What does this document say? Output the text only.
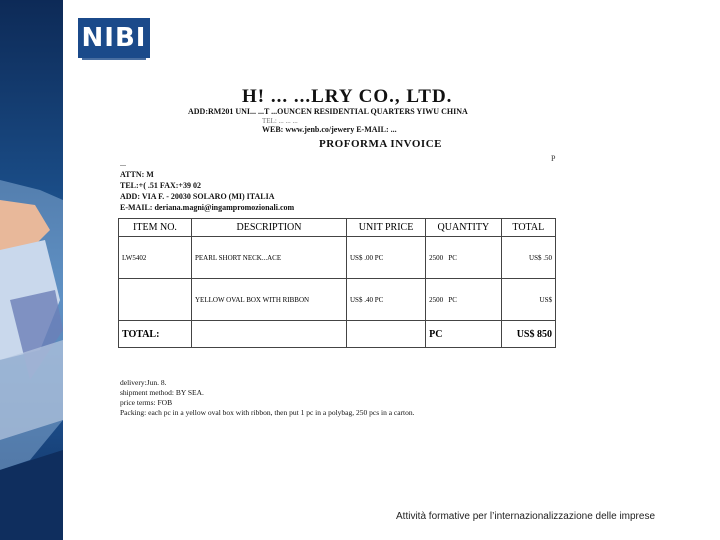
NIBI
H! ... ...LRY CO., LTD.
ADD:RM201 UNI... ...T ...OUNCEN RESIDENTIAL QUARTERS YIWU CHINA
TEL: ... ... ...
WEB: www.jenb.co/jewery E-MAIL: ...
PROFORMA INVOICE
P
...
ATTN: M
TEL:+( .51 FAX:+39 02
ADD: VIA F. - 20030 SOLARO (MI) ITALIA
E-MAIL: deriana.magni@ingampromozionali.com
ITEM NO.	DESCRIPTION	UNIT PRICE	QUANTITY	TOTAL
LW5402	PEARL SHORT NECK...ACE	US$ .00 PC	2500 PC	US$ .50
	YELLOW OVAL BOX WITH RIBBON	US$ .40 PC	2500 PC	US$
TOTAL:			PC	US$ 850
delivery:Jun. 8.
shipment method: BY SEA.
price terms: FOB
Packing: each pc in a yellow oval box with ribbon, then put 1 pc in a polybag, 250 pcs in a carton.
Attività formative per l’internazionalizzazione delle imprese
